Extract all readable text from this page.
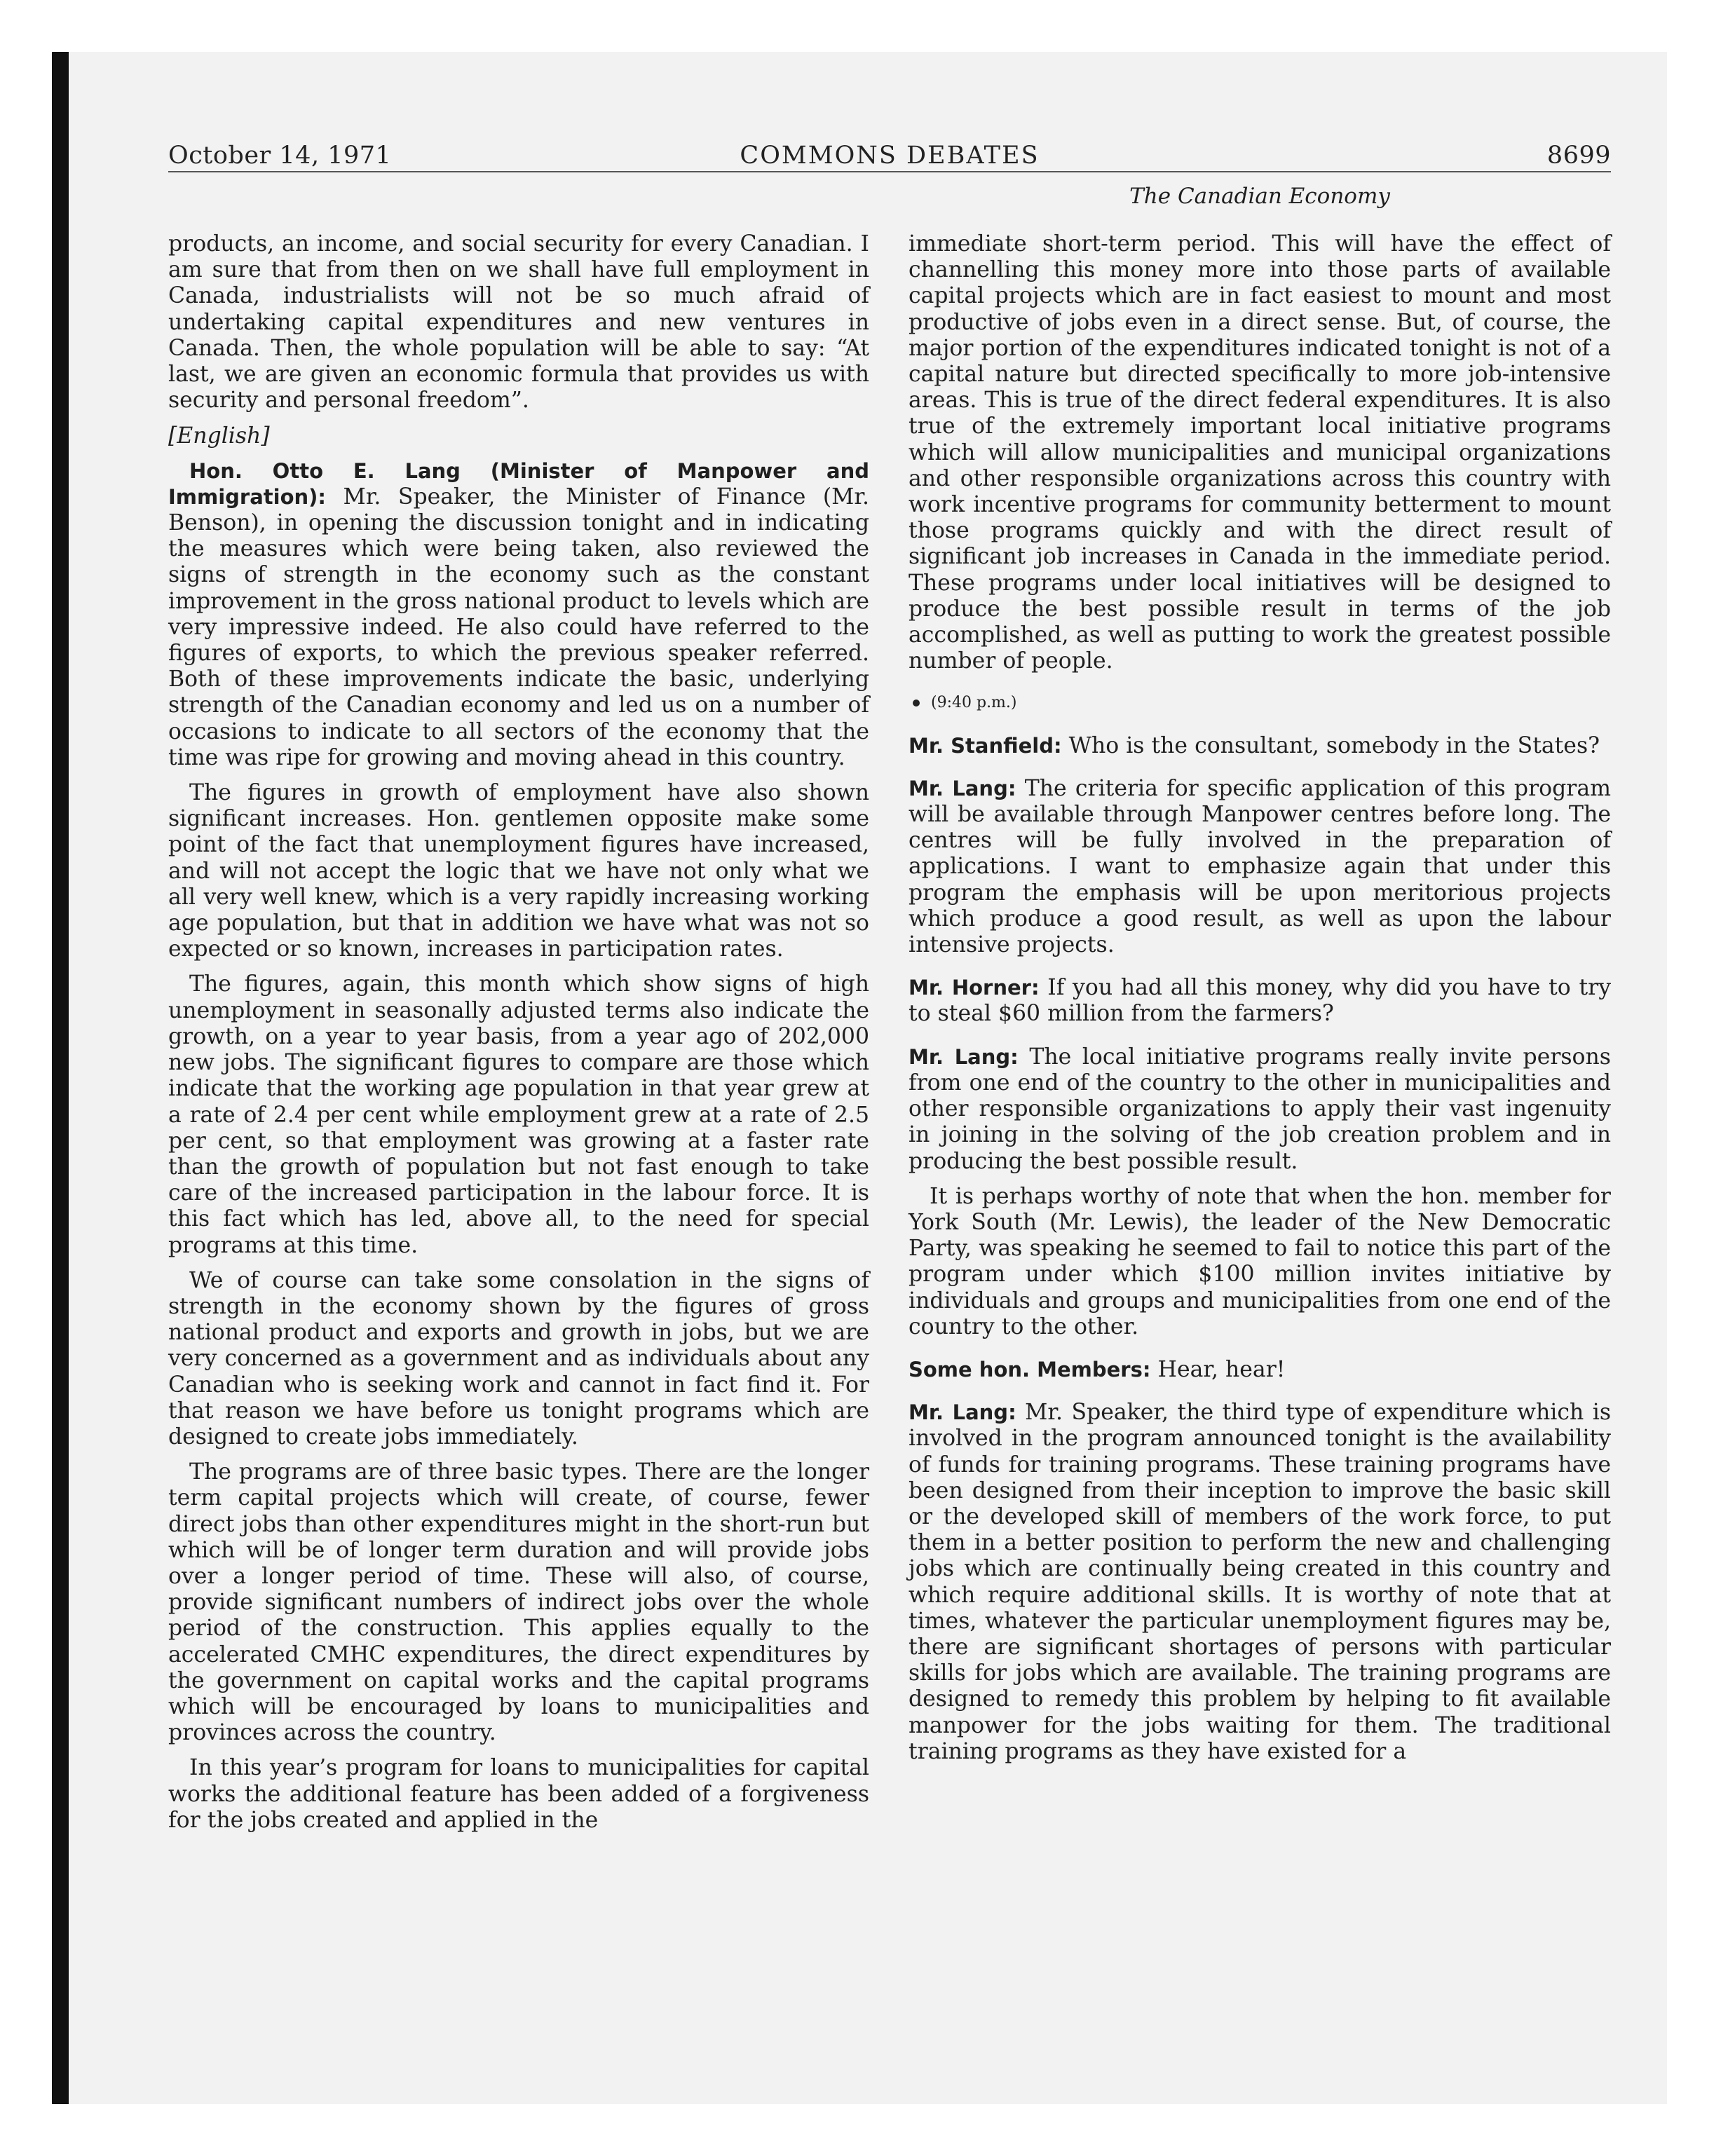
October 14, 1971	COMMONS DEBATES	8699
The Canadian Economy

products, an income, and social security for every Canadian. I am sure that from then on we shall have full employment in Canada, industrialists will not be so much afraid of undertaking capital expenditures and new ventures in Canada. Then, the whole population will be able to say: “At last, we are given an economic formula that provides us with security and personal freedom”.

[English]

Hon. Otto E. Lang (Minister of Manpower and Immigration): Mr. Speaker, the Minister of Finance (Mr. Benson), in opening the discussion tonight and in indicating the measures which were being taken, also reviewed the signs of strength in the economy such as the constant improvement in the gross national product to levels which are very impressive indeed. He also could have referred to the figures of exports, to which the previous speaker referred. Both of these improvements indicate the basic, underlying strength of the Canadian economy and led us on a number of occasions to indicate to all sectors of the economy that the time was ripe for growing and moving ahead in this country.

The figures in growth of employment have also shown significant increases. Hon. gentlemen opposite make some point of the fact that unemployment figures have increased, and will not accept the logic that we have not only what we all very well knew, which is a very rapidly increasing working age population, but that in addition we have what was not so expected or so known, increases in participation rates.

The figures, again, this month which show signs of high unemployment in seasonally adjusted terms also indicate the growth, on a year to year basis, from a year ago of 202,000 new jobs. The significant figures to compare are those which indicate that the working age population in that year grew at a rate of 2.4 per cent while employment grew at a rate of 2.5 per cent, so that employment was growing at a faster rate than the growth of population but not fast enough to take care of the increased participation in the labour force. It is this fact which has led, above all, to the need for special programs at this time.

We of course can take some consolation in the signs of strength in the economy shown by the figures of gross national product and exports and growth in jobs, but we are very concerned as a government and as individuals about any Canadian who is seeking work and cannot in fact find it. For that reason we have before us tonight programs which are designed to create jobs immediately.

The programs are of three basic types. There are the longer term capital projects which will create, of course, fewer direct jobs than other expenditures might in the short-run but which will be of longer term duration and will provide jobs over a longer period of time. These will also, of course, provide significant numbers of indirect jobs over the whole period of the construction. This applies equally to the accelerated CMHC expenditures, the direct expenditures by the government on capital works and the capital programs which will be encouraged by loans to municipalities and provinces across the country.

In this year’s program for loans to municipalities for capital works the additional feature has been added of a forgiveness for the jobs created and applied in the

immediate short-term period. This will have the effect of channelling this money more into those parts of available capital projects which are in fact easiest to mount and most productive of jobs even in a direct sense. But, of course, the major portion of the expenditures indicated tonight is not of a capital nature but directed specifically to more job-intensive areas. This is true of the direct federal expenditures. It is also true of the extremely important local initiative programs which will allow municipalities and municipal organizations and other responsible organizations across this country with work incentive programs for community betterment to mount those programs quickly and with the direct result of significant job increases in Canada in the immediate period. These programs under local initiatives will be designed to produce the best possible result in terms of the job accomplished, as well as putting to work the greatest possible number of people.

(9:40 p.m.)

Mr. Stanfield: Who is the consultant, somebody in the States?

Mr. Lang: The criteria for specific application of this program will be available through Manpower centres before long. The centres will be fully involved in the preparation of applications. I want to emphasize again that under this program the emphasis will be upon meritorious projects which produce a good result, as well as upon the labour intensive projects.

Mr. Horner: If you had all this money, why did you have to try to steal $60 million from the farmers?

Mr. Lang: The local initiative programs really invite persons from one end of the country to the other in municipalities and other responsible organizations to apply their vast ingenuity in joining in the solving of the job creation problem and in producing the best possible result.

It is perhaps worthy of note that when the hon. member for York South (Mr. Lewis), the leader of the New Democratic Party, was speaking he seemed to fail to notice this part of the program under which $100 million invites initiative by individuals and groups and municipalities from one end of the country to the other.

Some hon. Members: Hear, hear!

Mr. Lang: Mr. Speaker, the third type of expenditure which is involved in the program announced tonight is the availability of funds for training programs. These training programs have been designed from their inception to improve the basic skill or the developed skill of members of the work force, to put them in a better position to perform the new and challenging jobs which are continually being created in this country and which require additional skills. It is worthy of note that at times, whatever the particular unemployment figures may be, there are significant shortages of persons with particular skills for jobs which are available. The training programs are designed to remedy this problem by helping to fit available manpower for the jobs waiting for them. The traditional training programs as they have existed for a
